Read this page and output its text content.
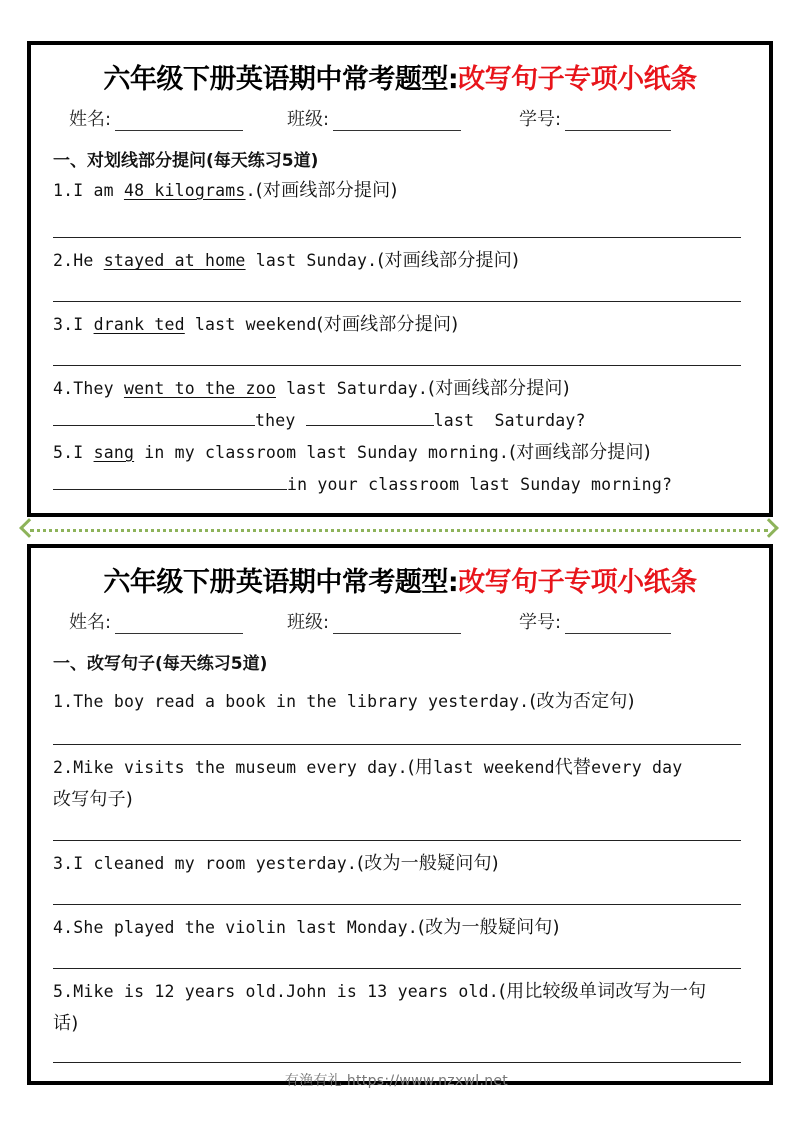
六年级下册英语期中常考题型:改写句子专项小纸条
姓名:	班级:	学号:
一、对划线部分提问(每天练习5道)
1.I am 48 kilograms.(对画线部分提问)
2.He stayed at home last Sunday.(对画线部分提问)
3.I drank ted last weekend(对画线部分提问)
4.They went to the zoo last Saturday.(对画线部分提问)
they	last  Saturday?
5.I sang in my classroom last Sunday morning.(对画线部分提问)
in your classroom last Sunday morning?
六年级下册英语期中常考题型:改写句子专项小纸条
姓名:	班级:	学号:
一、改写句子(每天练习5道)
1.The boy read a book in the library yesterday.(改为否定句)
2.Mike visits the museum every day.(用last weekend代替every day
改写句子)
3.I cleaned my room yesterday.(改为一般疑问句)
4.She played the violin last Monday.(改为一般疑问句)
5.Mike is 12 years old.John is 13 years old.(用比较级单词改写为一句话)
有渔有礼 https://www.nzxwl.net
